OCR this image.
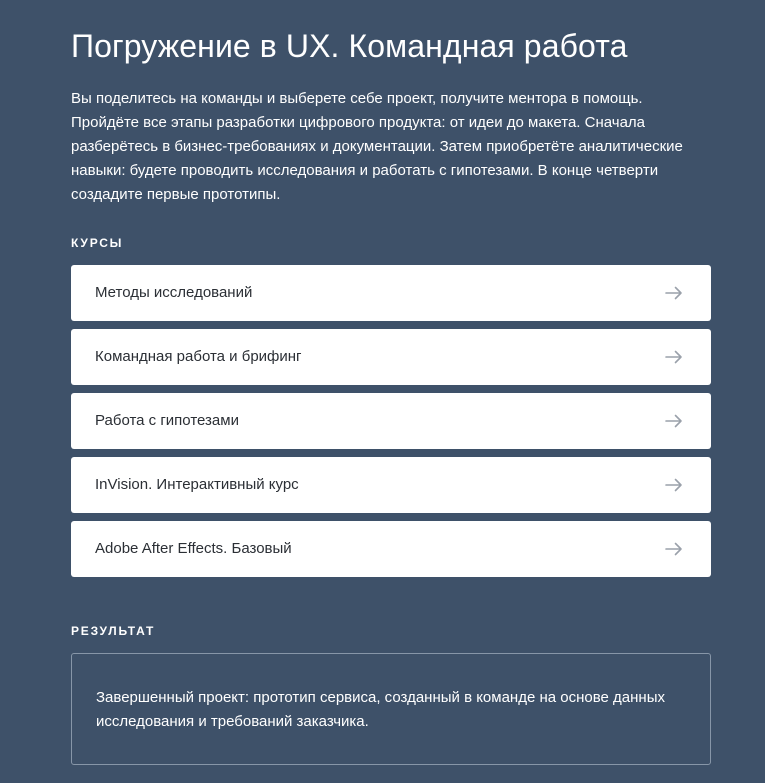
Погружение в UX. Командная работа

Вы поделитесь на команды и выберете себе проект, получите ментора в помощь. Пройдёте все этапы разработки цифрового продукта: от идеи до макета. Сначала разберётесь в бизнес-требованиях и документации. Затем приобретёте аналитические навыки: будете проводить исследования и работать с гипотезами. В конце четверти создадите первые прототипы.

КУРСЫ
Методы исследований
Командная работа и брифинг
Работа с гипотезами
InVision. Интерактивный курс
Adobe After Effects. Базовый
РЕЗУЛЬТАТ

Завершенный проект: прототип сервиса, созданный в команде на основе данных исследования и требований заказчика.
